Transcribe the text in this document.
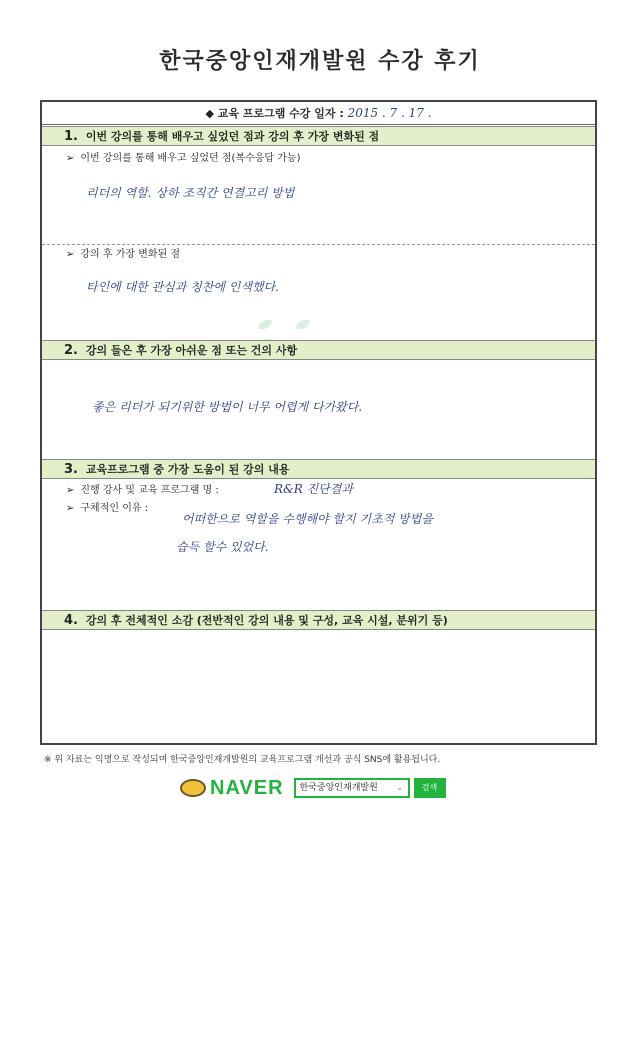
한국중앙인재개발원 수강 후기
◆ 교육 프로그램 수강 일자 : 2015 . 7 . 17 .
1. 이번 강의를 통해 배우고 싶었던 점과 강의 후 가장 변화된 점
➢ 이번 강의를 통해 배우고 싶었던 점(복수응답 가능)
리더의 역할. 상하 조직간 연결고리 방법
➢ 강의 후 가장 변화된 점
타인에 대한 관심과 칭찬에 인색했다.
2. 강의 들은 후 가장 아쉬운 점 또는 건의 사항
좋은 리더가 되기위한 방법이 너무 어렵게 다가왔다.
3. 교육프로그램 중 가장 도움이 된 강의 내용
➢ 진행 강사 및 교육 프로그램 명 :	R&R 진단결과
➢ 구체적인 이유 :
어떠한으로 역할을 수행해야 할지 기초적 방법을
습득 할수 있었다.
4. 강의 후 전체적인 소감 (전반적인 강의 내용 및 구성, 교육 시설, 분위기 등)
※ 위 자료는 익명으로 작성되며 한국중앙인재개발원의 교육프로그램 개선과 공식 SNS에 활용됩니다.
NAVER 한국중앙인재개발원 ⌄	검색
